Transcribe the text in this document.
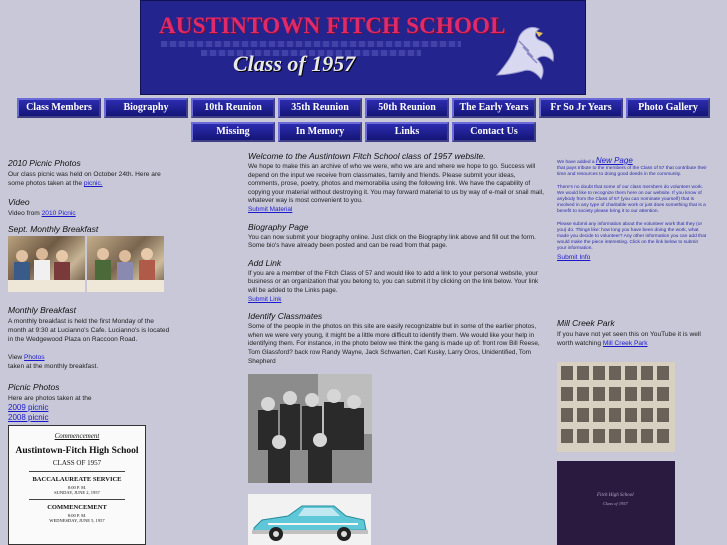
AUSTINTOWN FITCH SCHOOL
Class of 1957
Class Members	Biography	10th Reunion	35th Reunion	50th Reunion	The Early Years	Fr So Jr Years	Photo Gallery
Missing	In Memory	Links	Contact Us
2010 Picnic Photos

Our class picnic was held on October 24th. Here are some photos taken at the picnic.

Video

Video from 2010 Picnic

Sept. Monthly Breakfast
Monthly Breakfast

A monthly breakfast is held the first Monday of the month at 9:30 at Lucianno's Cafe. Lucianno's is located in the Wedgewood Plaza on Raccoon Road.

View Photos
taken at the monthly breakfast.

Picnic Photos

Here are photos taken at the

2009 picnic

2008 picnic

Commencement
Austintown-Fitch High School
CLASS OF 1957
BACCALAUREATE SERVICE
8:00 P. M.
SUNDAY, JUNE 2, 1957
COMMENCEMENT
8:00 P. M.
WEDNESDAY, JUNE 5, 1957
Welcome to the Austintown Fitch School class of 1957 website.

We hope to make this an archive of who we were, who we are and where we hope to go. Success will depend on the input we receive from classmates, family and friends. Please submit your ideas, comments, prose, poetry, photos and memorabilia using the following link. We have the capability of copying your material without destroying it. You may forward material to us by way of e-mail or snail mail, whatever way is most convenient to you.

Submit Material

Biography Page

You can now submit your biography online. Just click on the Biography link above and fill out the form. Some bio's have already been posted and can be read from that page.

Add Link

If you are a member of the Fitch Class of 57 and would like to add a link to your personal website, your business or an organization that you belong to, you can submit it by clicking on the link below. Your link will be added to the Links page.

Submit Link

Identify Classmates

Some of the people in the photos on this site are easily recognizable but in some of the earlier photos, when we were very young, it might be a little more difficult to identify them. We would like your help in identifying them. For instance, in the photo below we think the gang is made up of: front row Bill Reese, Tom Glassford? back row Randy Wayne, Jack Schwarten, Carl Kusky, Larry Oros, Unidentified, Tom Shepherd

We have added a New Page

that pays tribute to the members of the Class of 57 that contribute their time and resources to doing good deeds in the community.

There's no doubt that some of our class members do volunteer work. We would like to recognize them here on our website. If you know of anybody from the Class of 57 (you can nominate yourself) that is involved in any type of charitable work or just does something that is a benefit to society please bring it to our attention.

Please submit any information about the volunteer work that they (or you) do. Things like: how long you have been doing the work, what made you decide to volunteer? Any other information you can add that would make the piece interesting. Click on the link below to submit your information.

Submit Info

Mill Creek Park

If you have not yet seen this on YouTube it is well worth watching Mill Creek Park

Fitch High School
Class of 1957
